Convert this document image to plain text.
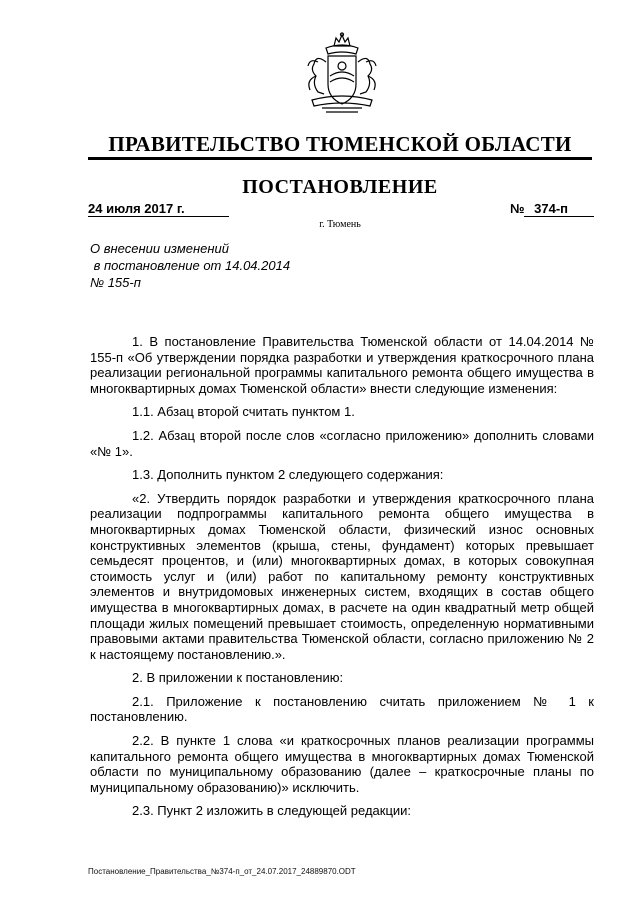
ПРАВИТЕЛЬСТВО ТЮМЕНСКОЙ ОБЛАСТИ
ПОСТАНОВЛЕНИЕ
24 июля 2017 г.	№ 374-п
г. Тюмень
О внесении изменений
в постановление от 14.04.2014
№ 155-п

1. В постановление Правительства Тюменской области от 14.04.2014 № 155-п «Об утверждении порядка разработки и утверждения краткосрочного плана реализации региональной программы капитального ремонта общего имущества в многоквартирных домах Тюменской области» внести следующие изменения:

1.1. Абзац второй считать пунктом 1.

1.2. Абзац второй после слов «согласно приложению» дополнить словами «№ 1».

1.3. Дополнить пунктом 2 следующего содержания:

«2. Утвердить порядок разработки и утверждения краткосрочного плана реализации подпрограммы капитального ремонта общего имущества в многоквартирных домах Тюменской области, физический износ основных конструктивных элементов (крыша, стены, фундамент) которых превышает семьдесят процентов, и (или) многоквартирных домах, в которых совокупная стоимость услуг и (или) работ по капитальному ремонту конструктивных элементов и внутридомовых инженерных систем, входящих в состав общего имущества в многоквартирных домах, в расчете на один квадратный метр общей площади жилых помещений превышает стоимость, определенную нормативными правовыми актами правительства Тюменской области, согласно приложению № 2 к настоящему постановлению.».

2. В приложении к постановлению:

2.1. Приложение к постановлению считать приложением № 1 к постановлению.

2.2. В пункте 1 слова «и краткосрочных планов реализации программы капитального ремонта общего имущества в многоквартирных домах Тюменской области по муниципальному образованию (далее – краткосрочные планы по муниципальному образованию)» исключить.

2.3. Пункт 2 изложить в следующей редакции:

Постановление_Правительства_№374-п_от_24.07.2017_24889870.ODT
